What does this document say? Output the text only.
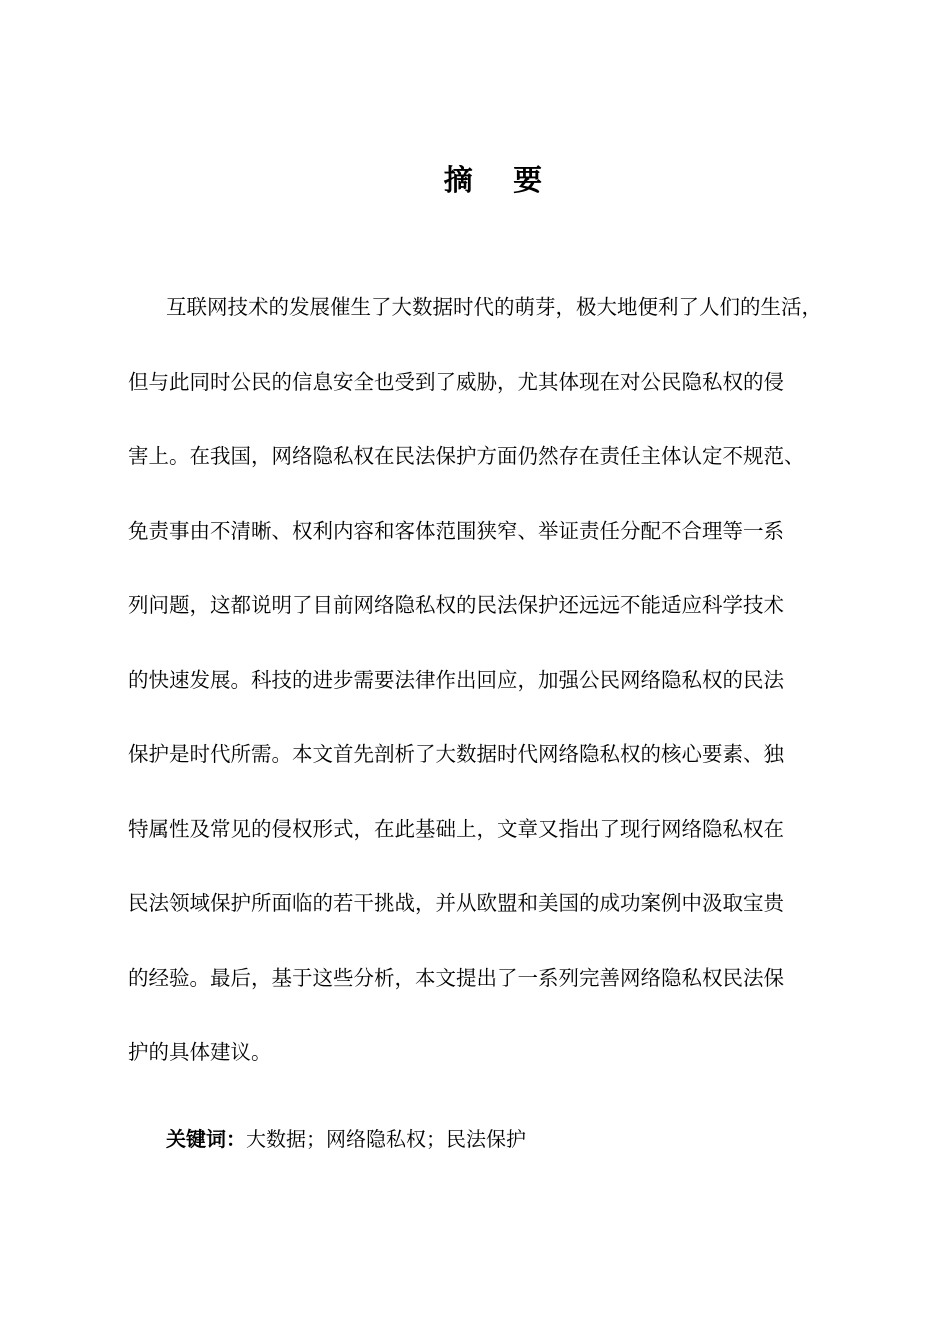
摘    要
互联网技术的发展催生了大数据时代的萌芽，极大地便利了人们的生活，
但与此同时公民的信息安全也受到了威胁，尤其体现在对公民隐私权的侵
害上。在我国，网络隐私权在民法保护方面仍然存在责任主体认定不规范、
免责事由不清晰、权利内容和客体范围狭窄、举证责任分配不合理等一系
列问题，这都说明了目前网络隐私权的民法保护还远远不能适应科学技术
的快速发展。科技的进步需要法律作出回应，加强公民网络隐私权的民法
保护是时代所需。本文首先剖析了大数据时代网络隐私权的核心要素、独
特属性及常见的侵权形式，在此基础上，文章又指出了现行网络隐私权在
民法领域保护所面临的若干挑战，并从欧盟和美国的成功案例中汲取宝贵
的经验。最后，基于这些分析，本文提出了一系列完善网络隐私权民法保
护的具体建议。
关键词：大数据；网络隐私权；民法保护
